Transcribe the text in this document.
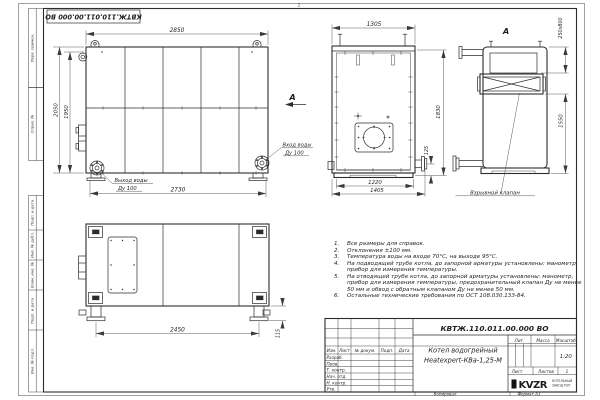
1
Перв. примен.
Справ. №
Подп. и дата
Инв. № дубл.
Взам. инв. №
Подп. и дата
Инв. № подл.
КВТЖ.110.011.00.000 ВО
Копировал	Формат А3
2850
2050 1950
2730
Выход воды
Ду 100
Вход воды
Ду 100
А
1305
1830
125
1220
1405
А
Взрывной клапан
250x800
1550
2450	115
Изм. Лист № докум. Подп. Дата
Разраб.
Пров.
Т. контр.
Нач. отд.
Н. контр.
Утв.
КВТЖ.110.011.00.000 ВО
Котел водогрейный
Heatexpert-КВа-1,25-М
Лит.	Масса Масштаб
1:20
Лист	Листов	1
KVZR КОТЕЛЬНЫЙ
ЗАВОД РЭП
1.	Все размеры для справок.
2.	Отклонения ±100 мм.
3.	Температура воды на входе 70°С, на выходе 95°С.
4.	На подводящей трубе котла, до запорной арматуры установлены: манометр, прибор для измерения температуры.
5.	На отводящей трубе котла, до запорной арматуры установлены: манометр, прибор для измерения температуры, предохранительный клапан Ду не менее 50 мм и обвод с обратным клапаном Ду не менее 50 мм.
6.	Остальные технические требования по ОСТ 108.030.133-84.
